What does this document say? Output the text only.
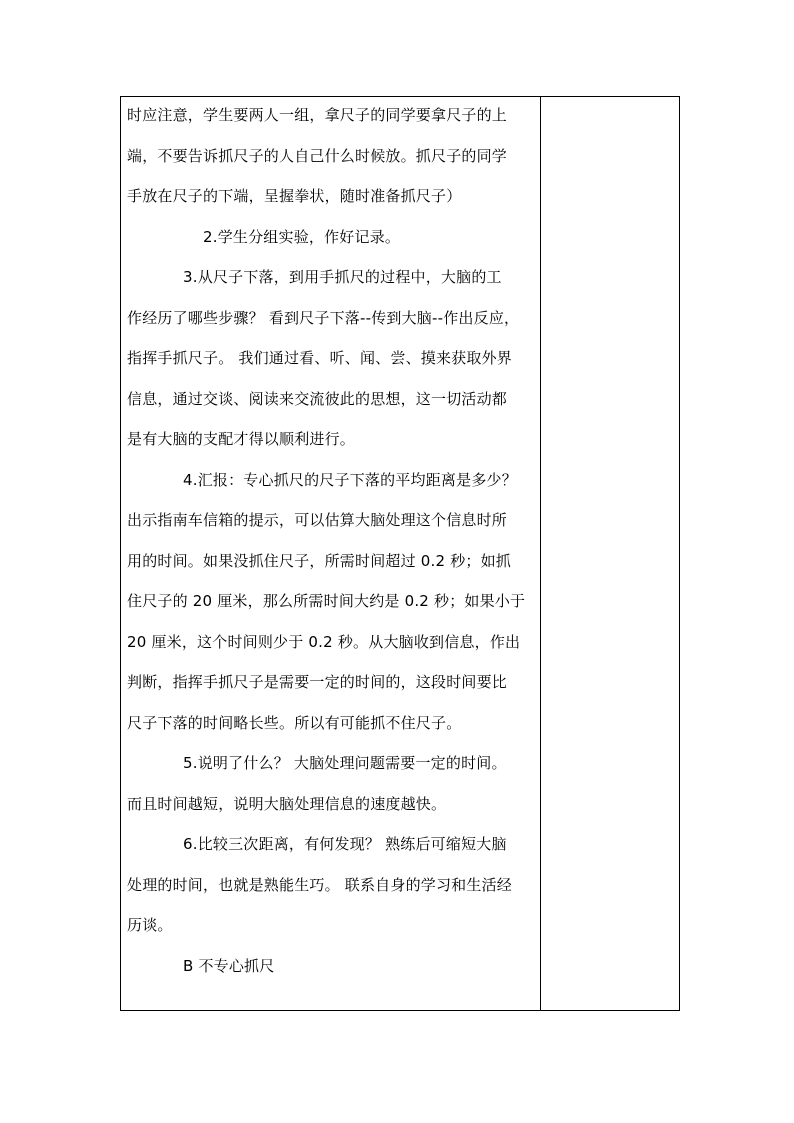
时应注意，学生要两人一组，拿尺子的同学要拿尺子的上
端，不要告诉抓尺子的人自己什么时候放。抓尺子的同学
手放在尺子的下端，呈握拳状，随时准备抓尺子）
2.学生分组实验，作好记录。
3.从尺子下落，到用手抓尺的过程中，大脑的工
作经历了哪些步骤？ 看到尺子下落--传到大脑--作出反应，
指挥手抓尺子。 我们通过看、听、闻、尝、摸来获取外界
信息，通过交谈、阅读来交流彼此的思想，这一切活动都
是有大脑的支配才得以顺利进行。
4.汇报：专心抓尺的尺子下落的平均距离是多少？
出示指南车信箱的提示，可以估算大脑处理这个信息时所
用的时间。如果没抓住尺子，所需时间超过 0.2 秒；如抓
住尺子的 20 厘米，那么所需时间大约是 0.2 秒；如果小于
20 厘米，这个时间则少于 0.2 秒。从大脑收到信息，作出
判断，指挥手抓尺子是需要一定的时间的，这段时间要比
尺子下落的时间略长些。所以有可能抓不住尺子。
5.说明了什么？ 大脑处理问题需要一定的时间。
而且时间越短，说明大脑处理信息的速度越快。
6.比较三次距离，有何发现？ 熟练后可缩短大脑
处理的时间，也就是熟能生巧。 联系自身的学习和生活经
历谈。
B 不专心抓尺
